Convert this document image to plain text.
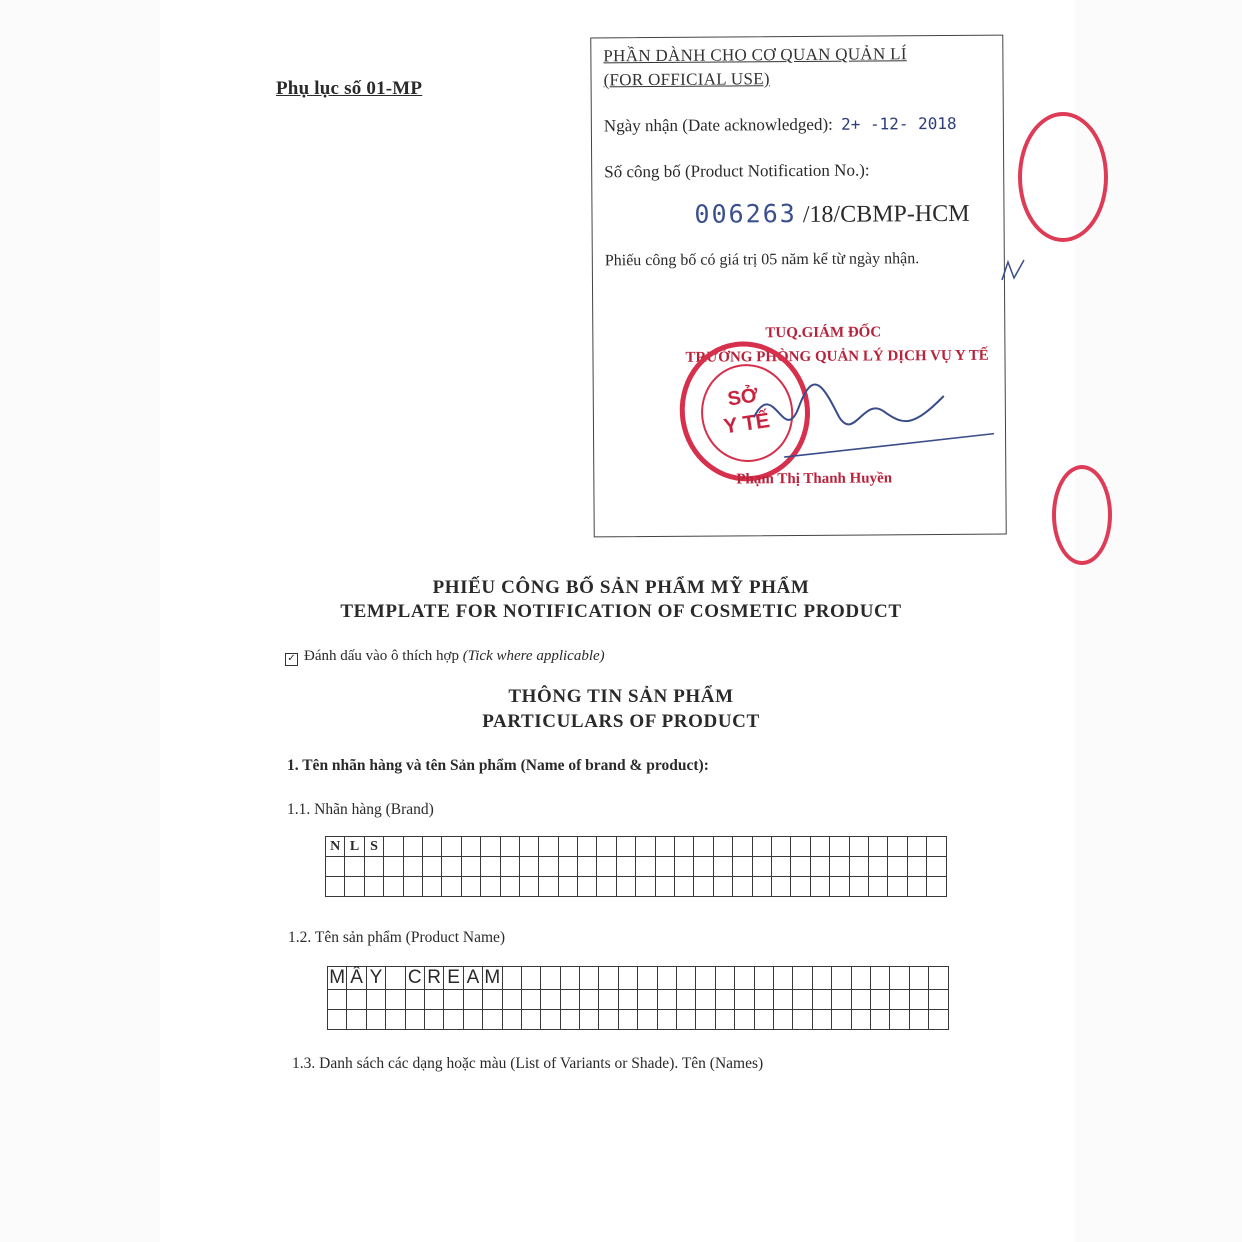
Phụ lục số 01-MP
PHẦN DÀNH CHO CƠ QUAN QUẢN LÍ
(FOR OFFICIAL USE)
Ngày nhận (Date acknowledged): 2+ -12- 2018
Số công bố (Product Notification No.):
006263 /18/CBMP-HCM
Phiếu công bố có giá trị 05 năm kể từ ngày nhận.
TUQ.GIÁM ĐỐC
TRƯỞNG PHÒNG QUẢN LÝ DỊCH VỤ Y TẾ
SỞ
Y TẾ
Phạm Thị Thanh Huyền
PHIẾU CÔNG BỐ SẢN PHẨM MỸ PHẨM
TEMPLATE FOR NOTIFICATION OF COSMETIC PRODUCT
✓ Đánh dấu vào ô thích hợp (Tick where applicable)
THÔNG TIN SẢN PHẨM
PARTICULARS OF PRODUCT
1. Tên nhãn hàng và tên Sản phẩm (Name of brand & product):
1.1. Nhãn hàng (Brand)
N	L	S																													

1.2. Tên sản phẩm (Product Name)
M	Â	Y		C	R	E	A	M																							

1.3. Danh sách các dạng hoặc màu (List of Variants or Shade). Tên (Names)
